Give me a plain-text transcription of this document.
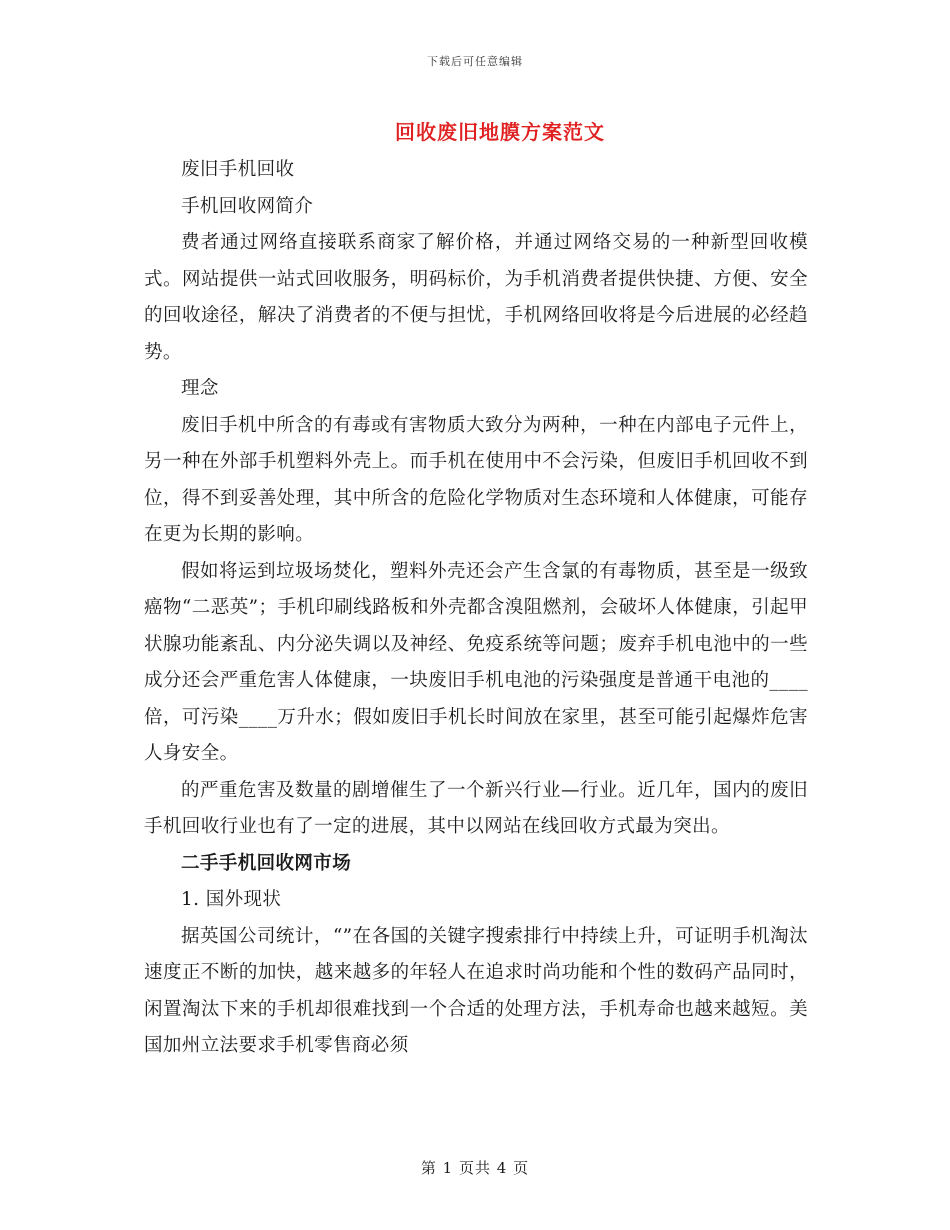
下载后可任意编辑
回收废旧地膜方案范文

废旧手机回收

手机回收网简介

费者通过网络直接联系商家了解价格，并通过网络交易的一种新型回收模式。网站提供一站式回收服务，明码标价，为手机消费者提供快捷、方便、安全的回收途径，解决了消费者的不便与担忧，手机网络回收将是今后进展的必经趋势。

理念

废旧手机中所含的有毒或有害物质大致分为两种，一种在内部电子元件上，另一种在外部手机塑料外壳上。而手机在使用中不会污染，但废旧手机回收不到位，得不到妥善处理，其中所含的危险化学物质对生态环境和人体健康，可能存在更为长期的影响。

假如将运到垃圾场焚化，塑料外壳还会产生含氯的有毒物质，甚至是一级致癌物“二恶英”；手机印刷线路板和外壳都含溴阻燃剂，会破坏人体健康，引起甲状腺功能紊乱、内分泌失调以及神经、免疫系统等问题；废弃手机电池中的一些成分还会严重危害人体健康，一块废旧手机电池的污染强度是普通干电池的____倍，可污染____万升水；假如废旧手机长时间放在家里，甚至可能引起爆炸危害人身安全。

的严重危害及数量的剧增催生了一个新兴行业—行业。近几年，国内的废旧手机回收行业也有了一定的进展，其中以网站在线回收方式最为突出。

二手手机回收网市场

1. 国外现状

据英国公司统计，“”在各国的关键字搜索排行中持续上升，可证明手机淘汰速度正不断的加快，越来越多的年轻人在追求时尚功能和个性的数码产品同时，闲置淘汰下来的手机却很难找到一个合适的处理方法，手机寿命也越来越短。美国加州立法要求手机零售商必须

第 1 页共 4 页
